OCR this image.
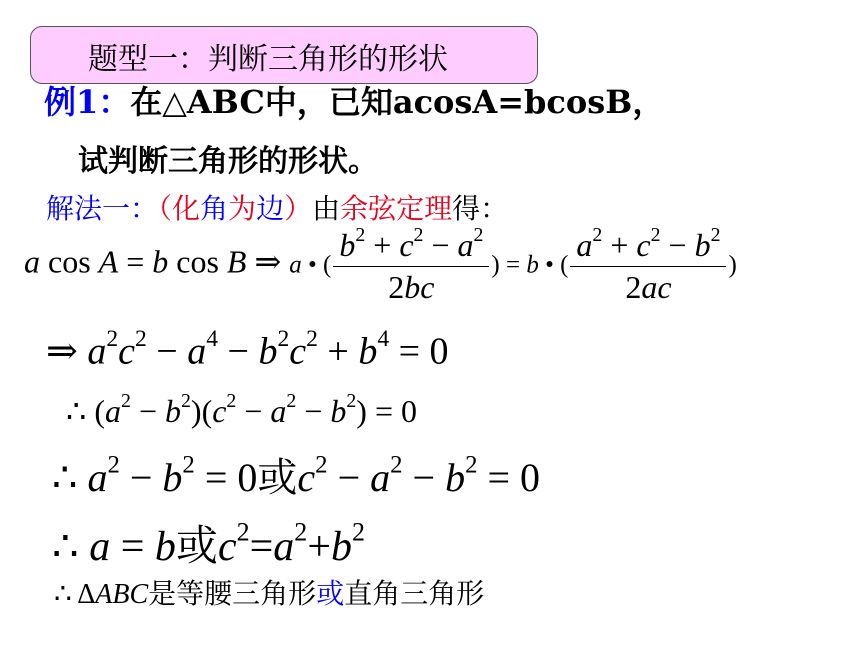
题型一：判断三角形的形状
例1：在△ABC中，已知acosA=bcosB，
试判断三角形的形状。
解法一：（化角为边）由余弦定理得：
a cos A = b cos B ⇒ a • ( $\frac{b^2 + c^2 - a^2}{2bc}$ ) = b • ( $\frac{a^2 + c^2 - b^2}{2ac}$ )
⇒ $a^2c^2 - a^4 - b^2c^2 + b^4 = 0$
∴ $(a^2 - b^2)(c^2 - a^2 - b^2) = 0$
∴ $a^2 - b^2 = 0$或$c^2 - a^2 - b^2 = 0$
∴ a = b或$c^2=a^2+b^2$
∴ ΔABC是等腰三角形或直角三角形
